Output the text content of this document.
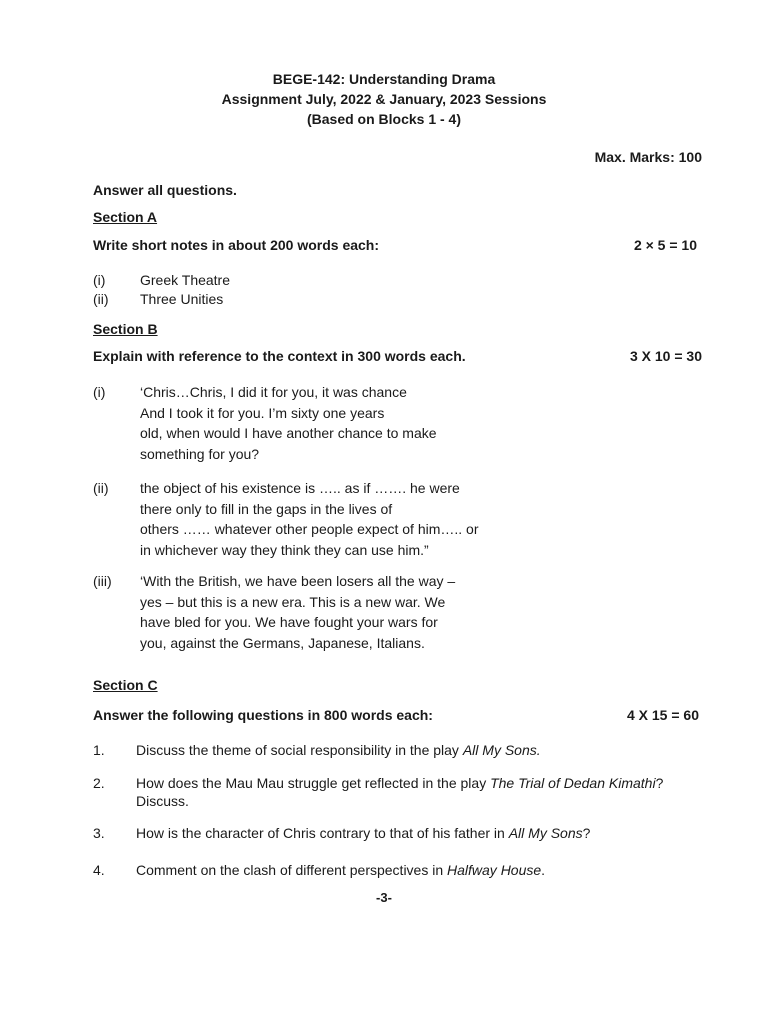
BEGE-142: Understanding Drama
Assignment July, 2022 & January, 2023 Sessions
(Based on Blocks 1 - 4)
Max. Marks: 100
Answer all questions.
Section A
Write short notes in about 200 words each:	2 × 5 = 10
(i) Greek Theatre
(ii) Three Unities
Section B
Explain with reference to the context in 300 words each.	3 X 10 = 30
(i) ‘Chris…Chris, I did it for you, it was chance
And I took it for you. I’m sixty one years
old, when would I have another chance to make
something for you?
(ii) the object of his existence is ….. as if ……. he were
there only to fill in the gaps in the lives of
others …… whatever other people expect of him….. or
in whichever way they think they can use him.”
(iii) ‘With the British, we have been losers all the way –
yes – but this is a new era. This is a new war. We
have bled for you. We have fought your wars for
you, against the Germans, Japanese, Italians.
Section C
Answer the following questions in 800 words each:	4 X 15 = 60
1. Discuss the theme of social responsibility in the play All My Sons.
2. How does the Mau Mau struggle get reflected in the play The Trial of Dedan Kimathi?
Discuss.
3. How is the character of Chris contrary to that of his father in All My Sons?
4. Comment on the clash of different perspectives in Halfway House.
-3-
